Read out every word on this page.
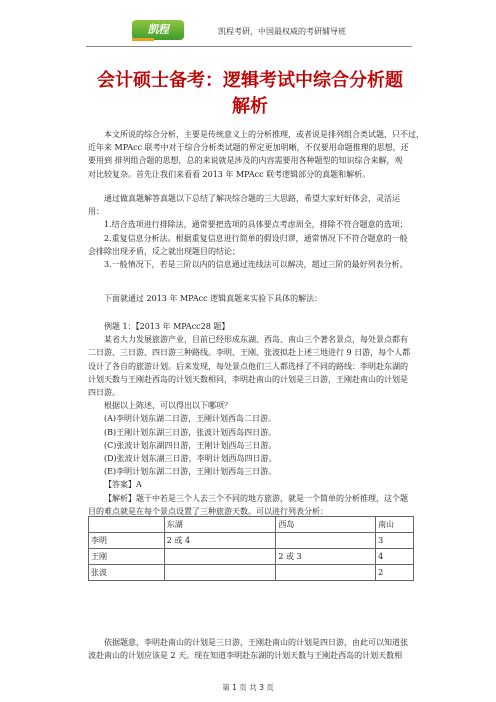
凯程	凯程考研，中国最权威的考研辅导班
会计硕士备考：逻辑考试中综合分析题
解析
本文所说的综合分析，主要是传统意义上的分析推理，或者说是排列组合类试题，只不过，
近年来 MPAcc 联考中对于综合分析类试题的界定更加明晰，不仅要用命题推理的思想，还
要用到 排列组合题的思想，总的来说就是涉及的内容需要用各种题型的知识综合来解，观
对比较复杂。首先让我们来看看 2013 年 MPAcc 联考逻辑部分的真题和解析。
通过做真题解答真题以下总结了解决综合题的三大思路，希望大家好好体会，灵活运
用：
1.结合选项进行排除法，通常要把选项的具体要点考虑周全，排除不符合题意的选项；
2.重复信息分析法。根据重复信息进行简单的假设归谬，通常情况下不符合题意的一般
会排除出现矛盾，反之就出现题目的结论；
3.一般情况下，若是三阶以内的信息通过连线法可以解决，超过三阶的最好列表分析。
下面就通过 2013 年 MPAcc 逻辑真题来实验下具体的解法：
例题 1：【2013 年 MPAcc28 题】
某省大力发展旅游产业，目前已经形成东湖、西岛、南山三个著名景点，每处景点都有
二日游、三日游、四日游三种路线。李明、王刚、张波拟赴上述三地进行 9 日游，每个人都
设计了各自的旅游计划。后来发现，每处景点他们三人都选择了不同的路线：李明赴东湖的
计划天数与王刚赴西岛的计划天数相同，李明赴南山的计划是三日游，王刚赴南山的计划是
四日游。
根据以上陈述，可以得出以下哪项？
(A)李明计划东湖二日游，王刚计划西岛二日游。
(B)王刚计划东湖三日游，张波计划西岛四日游。
(C)张波计划东湖四日游，王刚计划西岛三日游。
(D)张波计划东湖三日游，李明计划西岛四日游。
(E)李明计划东湖二日游，王刚计划西岛三日游。
【答案】A
【解析】题干中若是三个人去三个不同的地方旅游，就是一个简单的分析推理，这个题
目的难点就是在每个景点设置了三种旅游天数。可以进行列表分析：
	东湖	西岛	南山
李明	2 或 4		3
王刚		2 或 3	4
张波			2
依据题意，李明赴南山的计划是三日游，王刚赴南山的计划是四日游，由此可以知道张
波赴南山的计划应该是 2 天。现在知道李明赴东湖的计划天数与王刚赴西岛的计划天数相
第 1 页 共 3 页
